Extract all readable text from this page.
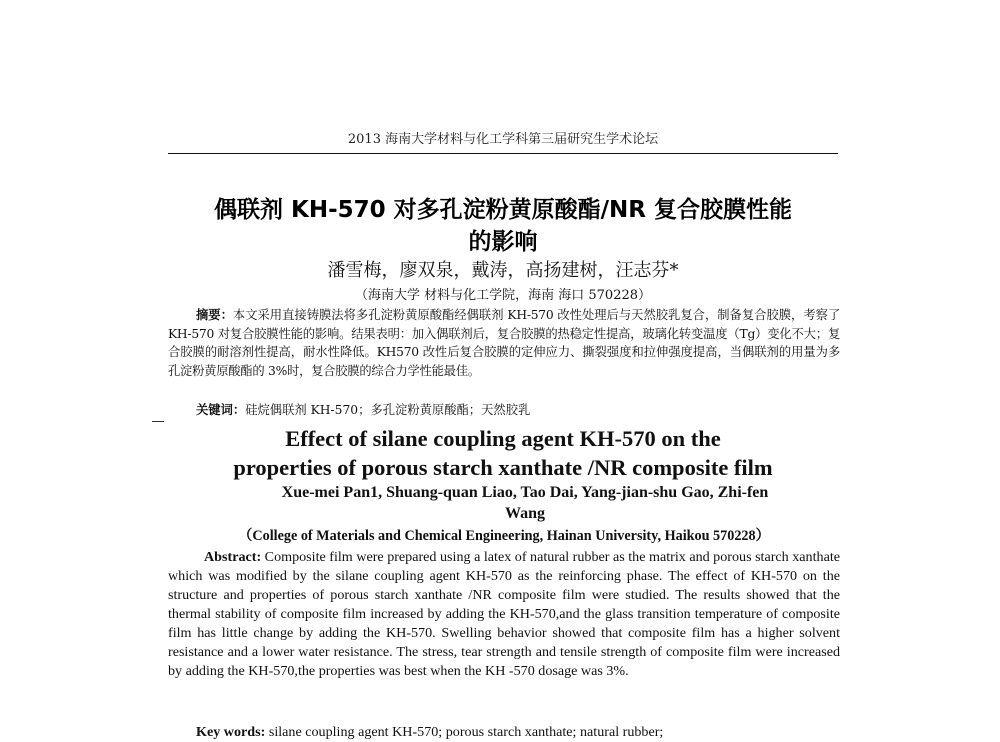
2013 海南大学材料与化工学科第三届研究生学术论坛
偶联剂 KH-570 对多孔淀粉黄原酸酯/NR 复合胶膜性能
的影响
潘雪梅，廖双泉，戴涛，高扬建树，汪志芬*
（海南大学 材料与化工学院，海南 海口 570228）
摘要：本文采用直接铸膜法将多孔淀粉黄原酸酯经偶联剂 KH-570 改性处理后与天然胶乳复合，制备复合胶膜，考察了 KH-570 对复合胶膜性能的影响。结果表明：加入偶联剂后，复合胶膜的热稳定性提高，玻璃化转变温度（Tg）变化不大；复合胶膜的耐溶剂性提高，耐水性降低。KH570 改性后复合胶膜的定伸应力、撕裂强度和拉伸强度提高，当偶联剂的用量为多孔淀粉黄原酸酯的 3%时，复合胶膜的综合力学性能最佳。
关键词：硅烷偶联剂 KH-570；多孔淀粉黄原酸酯；天然胶乳
Effect of silane coupling agent KH-570 on the
properties of porous starch xanthate /NR composite film
Xue-mei Pan1, Shuang-quan Liao, Tao Dai, Yang-jian-shu Gao, Zhi-fen
Wang
（College of Materials and Chemical Engineering, Hainan University, Haikou 570228）
Abstract: Composite film were prepared using a latex of natural rubber as the matrix and porous starch xanthate which was modified by the silane coupling agent KH-570 as the reinforcing phase. The effect of KH-570 on the structure and properties of porous starch xanthate /NR composite film were studied. The results showed that the thermal stability of composite film increased by adding the KH-570,and the glass transition temperature of composite film has little change by adding the KH-570. Swelling behavior showed that composite film has a higher solvent resistance and a lower water resistance. The stress, tear strength and tensile strength of composite film were increased by adding the KH-570,the properties was best when the KH -570 dosage was 3%.
Key words: silane coupling agent KH-570; porous starch xanthate; natural rubber;
